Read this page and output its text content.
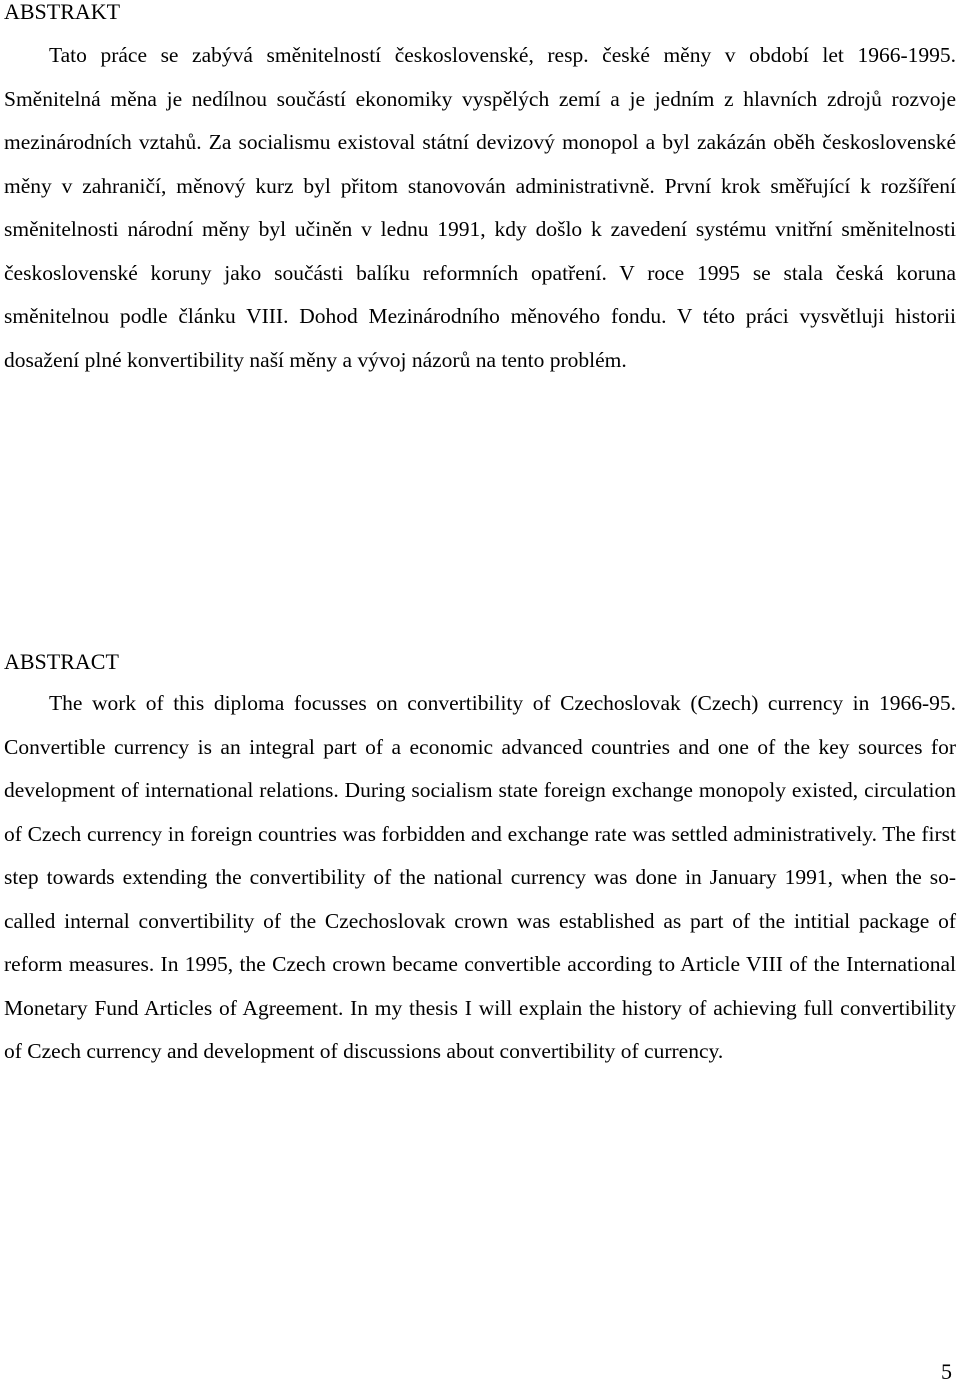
ABSTRAKT

Tato práce se zabývá směnitelností československé, resp. české měny v období let 1966-1995. Směnitelná měna je nedílnou součástí ekonomiky vyspělých zemí a je jedním z hlavních zdrojů rozvoje mezinárodních vztahů. Za socialismu existoval státní devizový monopol a byl zakázán oběh československé měny v zahraničí, měnový kurz byl přitom stanovován administrativně. První krok směřující k rozšíření směnitelnosti národní měny byl učiněn v lednu 1991, kdy došlo k zavedení systému vnitřní směnitelnosti československé koruny jako součásti balíku reformních opatření. V roce 1995 se stala česká koruna směnitelnou podle článku VIII. Dohod Mezinárodního měnového fondu. V této práci vysvětluji historii dosažení plné konvertibility naší měny a vývoj názorů na tento problém.

ABSTRACT

The work of this diploma focusses on convertibility of Czechoslovak (Czech) currency in 1966-95. Convertible currency is an integral part of a economic advanced countries and one of the key sources for development of international relations. During socialism state foreign exchange monopoly existed, circulation of Czech currency in foreign countries was forbidden and exchange rate was settled administratively. The first step towards extending the convertibility of the national currency was done in January 1991, when the so-called internal convertibility of the Czechoslovak crown was established as part of the intitial package of reform measures. In 1995, the Czech crown became convertible according to Article VIII of the International Monetary Fund Articles of Agreement. In my thesis I will explain the history of achieving full convertibility of Czech currency and development of discussions about convertibility of currency.

5
